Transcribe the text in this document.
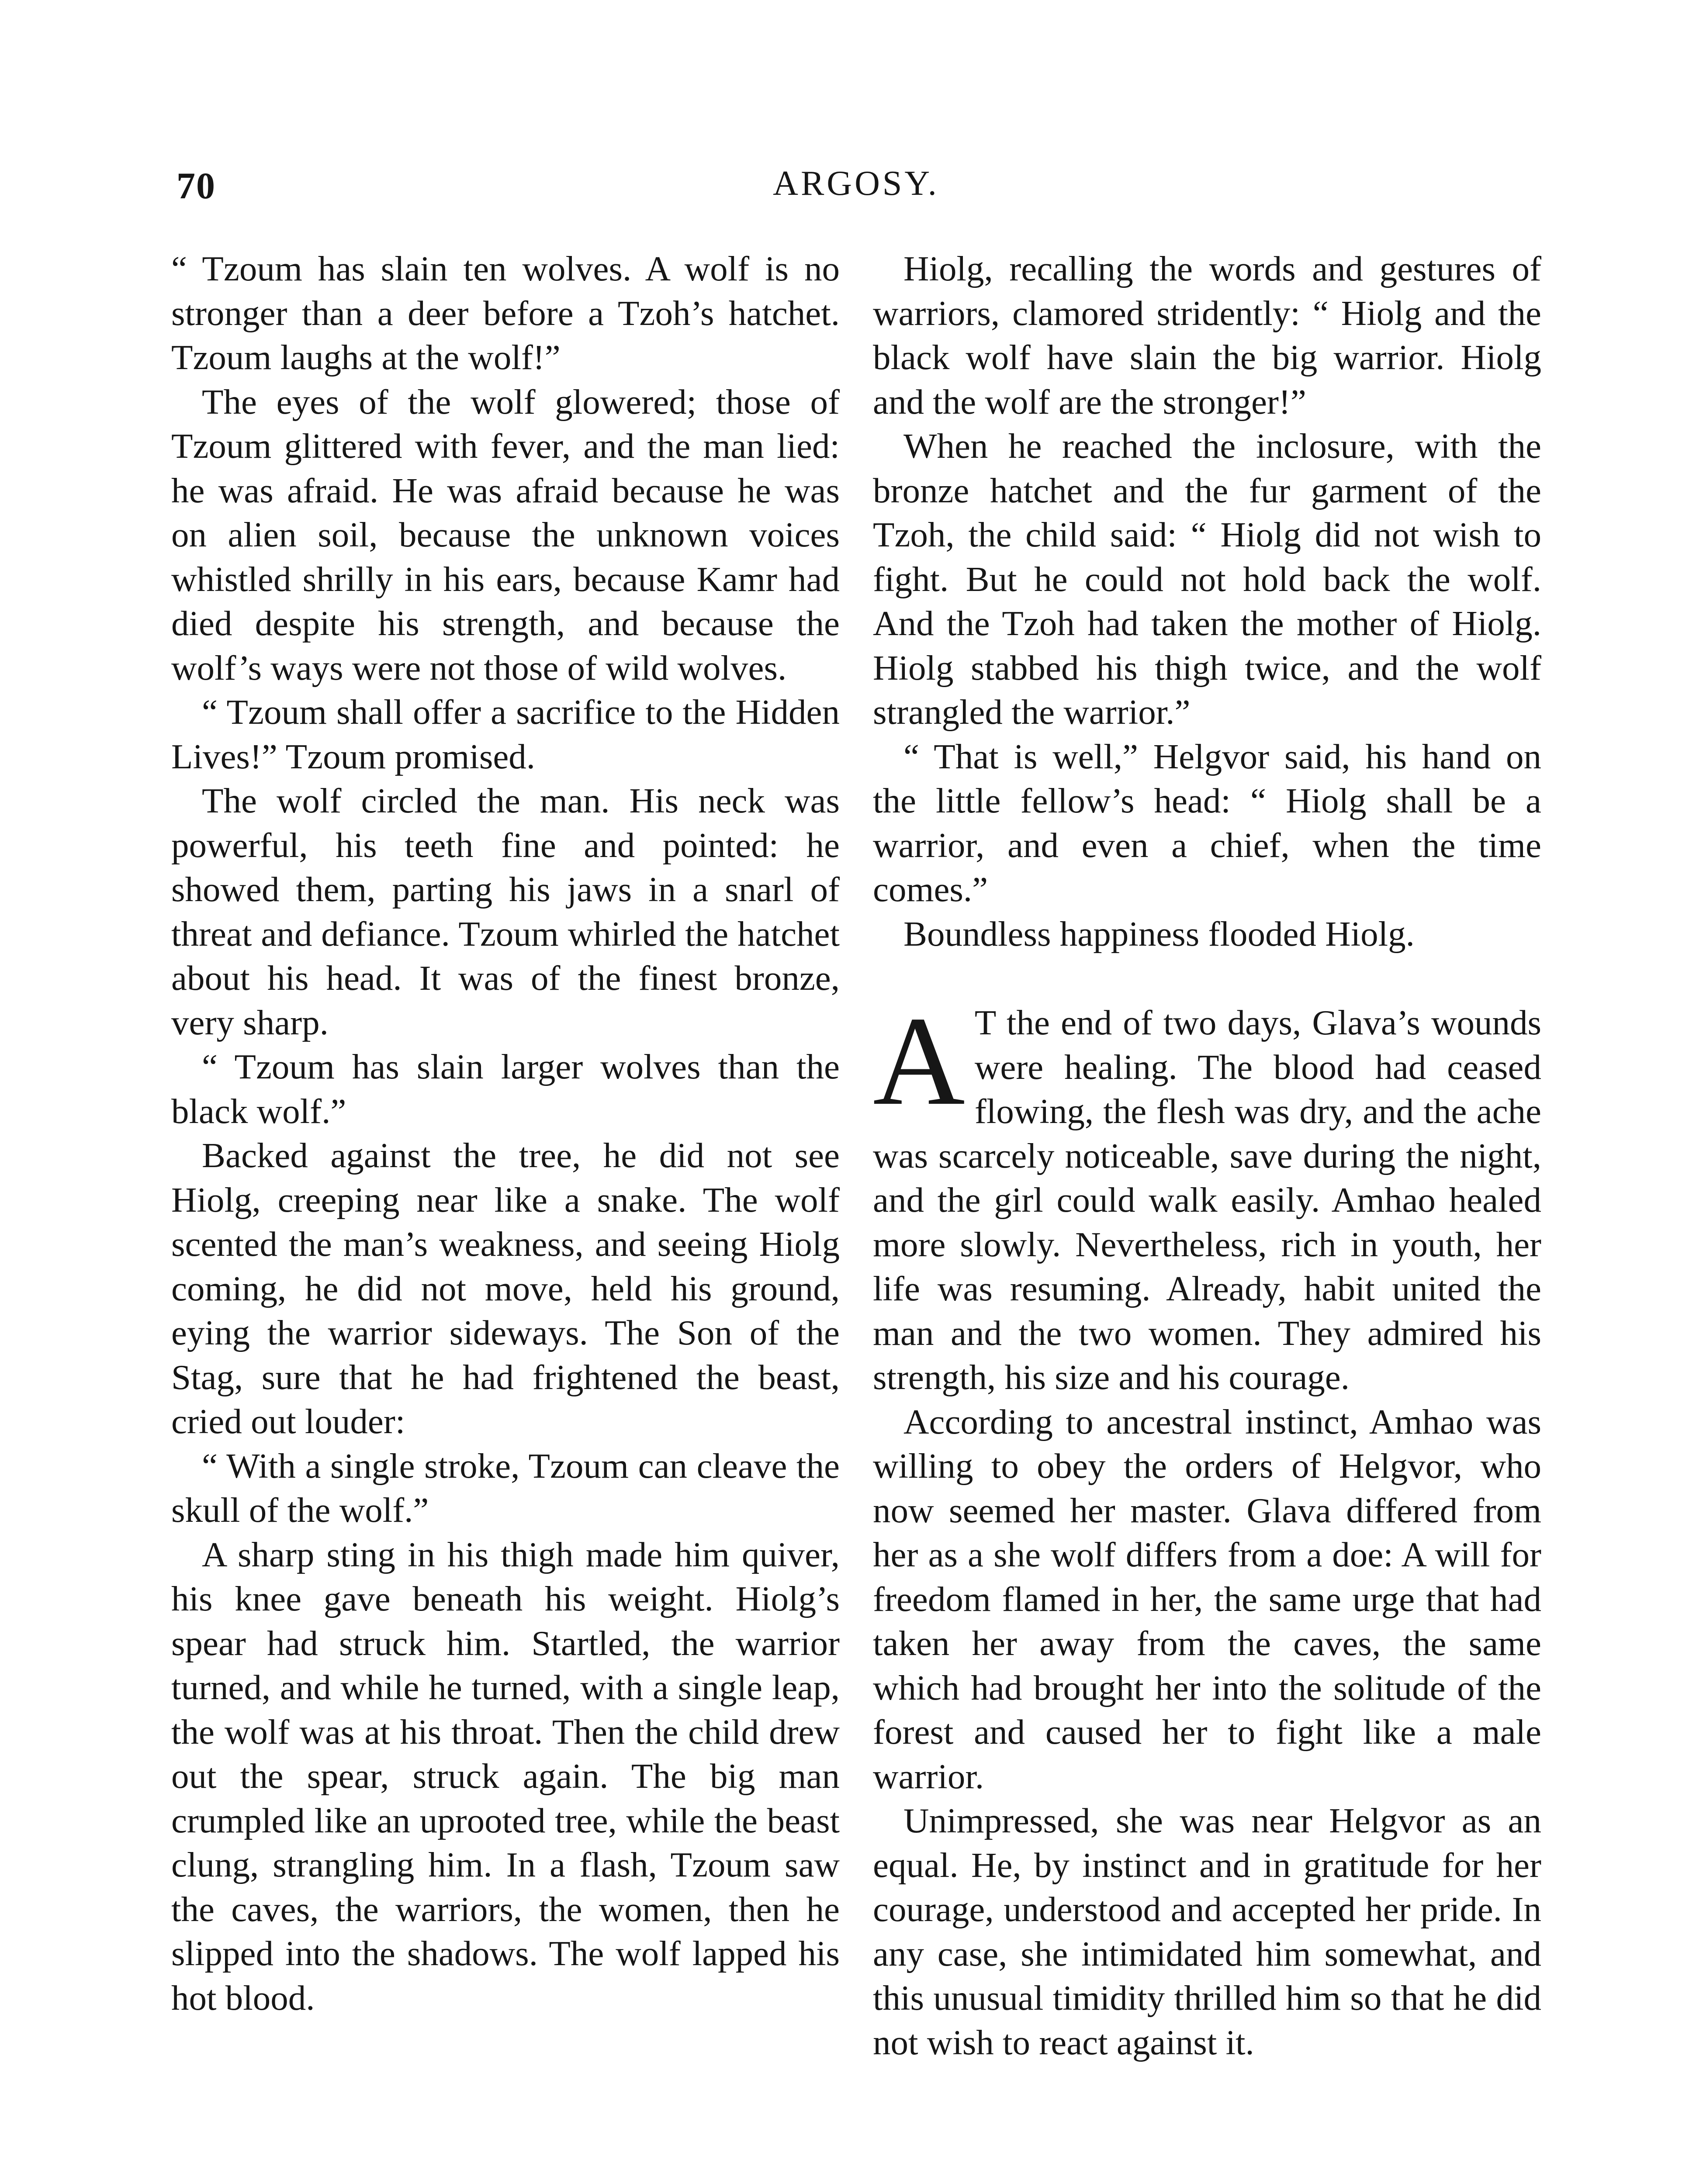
70	ARGOSY.

“ Tzoum has slain ten wolves. A wolf is no stronger than a deer before a Tzoh’s hatchet. Tzoum laughs at the wolf!”

The eyes of the wolf glowered; those of Tzoum glittered with fever, and the man lied: he was afraid. He was afraid because he was on alien soil, because the unknown voices whistled shrilly in his ears, because Kamr had died despite his strength, and because the wolf’s ways were not those of wild wolves.

“ Tzoum shall offer a sacrifice to the Hidden Lives!” Tzoum promised.

The wolf circled the man. His neck was powerful, his teeth fine and pointed: he showed them, parting his jaws in a snarl of threat and defiance. Tzoum whirled the hatchet about his head. It was of the finest bronze, very sharp.

“ Tzoum has slain larger wolves than the black wolf.”

Backed against the tree, he did not see Hiolg, creeping near like a snake. The wolf scented the man’s weakness, and seeing Hiolg coming, he did not move, held his ground, eying the warrior sideways. The Son of the Stag, sure that he had frightened the beast, cried out louder:

“ With a single stroke, Tzoum can cleave the skull of the wolf.”

A sharp sting in his thigh made him quiver, his knee gave beneath his weight. Hiolg’s spear had struck him. Startled, the warrior turned, and while he turned, with a single leap, the wolf was at his throat. Then the child drew out the spear, struck again. The big man crumpled like an uprooted tree, while the beast clung, strangling him. In a flash, Tzoum saw the caves, the warriors, the women, then he slipped into the shadows. The wolf lapped his hot blood.

Hiolg, recalling the words and gestures of warriors, clamored stridently: “ Hiolg and the black wolf have slain the big warrior. Hiolg and the wolf are the stronger!”

When he reached the inclosure, with the bronze hatchet and the fur garment of the Tzoh, the child said: “ Hiolg did not wish to fight. But he could not hold back the wolf. And the Tzoh had taken the mother of Hiolg. Hiolg stabbed his thigh twice, and the wolf strangled the warrior.”

“ That is well,” Helgvor said, his hand on the little fellow’s head: “ Hiolg shall be a warrior, and even a chief, when the time comes.”

Boundless happiness flooded Hiolg.

A T the end of two days, Glava’s wounds were healing. The blood had ceased flowing, the flesh was dry, and the ache was scarcely noticeable, save during the night, and the girl could walk easily. Amhao healed more slowly. Nevertheless, rich in youth, her life was resuming. Already, habit united the man and the two women. They admired his strength, his size and his courage.

According to ancestral instinct, Amhao was willing to obey the orders of Helgvor, who now seemed her master. Glava differed from her as a she wolf differs from a doe: A will for freedom flamed in her, the same urge that had taken her away from the caves, the same which had brought her into the solitude of the forest and caused her to fight like a male warrior.

Unimpressed, she was near Helgvor as an equal. He, by instinct and in gratitude for her courage, understood and accepted her pride. In any case, she intimidated him somewhat, and this unusual timidity thrilled him so that he did not wish to react against it.
